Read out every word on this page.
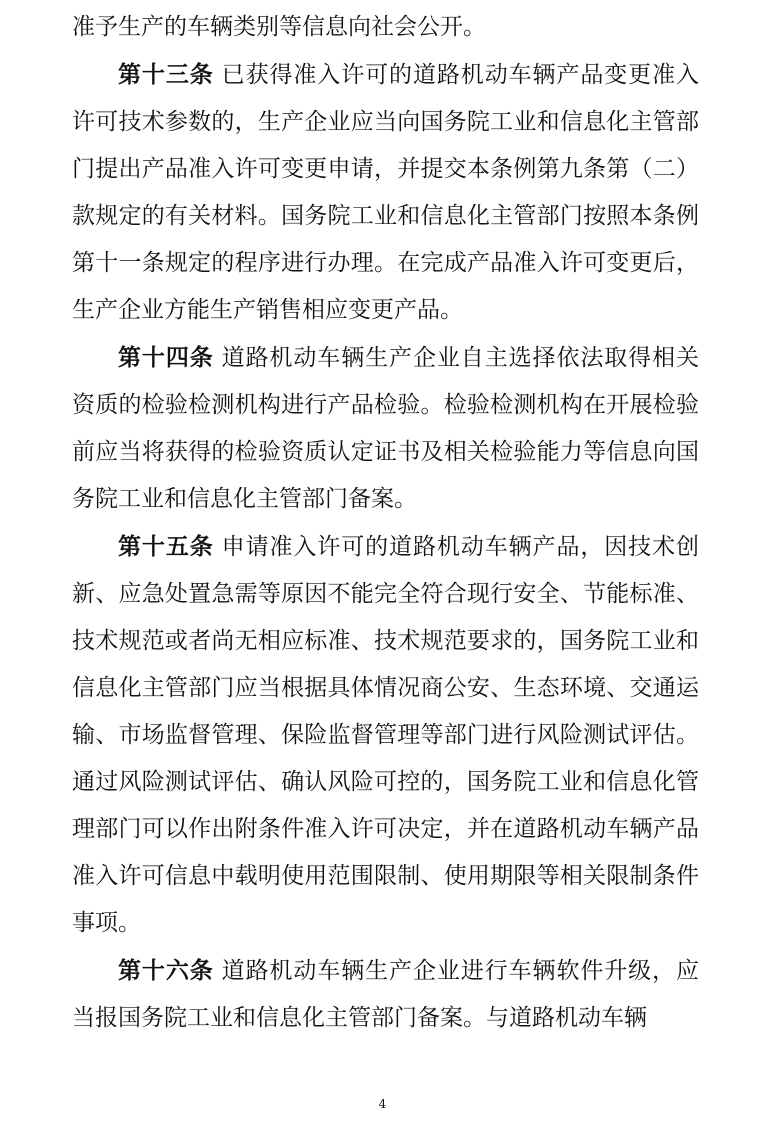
准予生产的车辆类别等信息向社会公开。

第十三条 已获得准入许可的道路机动车辆产品变更准入许可技术参数的，生产企业应当向国务院工业和信息化主管部门提出产品准入许可变更申请，并提交本条例第九条第（二）款规定的有关材料。国务院工业和信息化主管部门按照本条例第十一条规定的程序进行办理。在完成产品准入许可变更后，生产企业方能生产销售相应变更产品。

第十四条 道路机动车辆生产企业自主选择依法取得相关资质的检验检测机构进行产品检验。检验检测机构在开展检验前应当将获得的检验资质认定证书及相关检验能力等信息向国务院工业和信息化主管部门备案。

第十五条 申请准入许可的道路机动车辆产品，因技术创新、应急处置急需等原因不能完全符合现行安全、节能标准、技术规范或者尚无相应标准、技术规范要求的，国务院工业和信息化主管部门应当根据具体情况商公安、生态环境、交通运输、市场监督管理、保险监督管理等部门进行风险测试评估。通过风险测试评估、确认风险可控的，国务院工业和信息化管理部门可以作出附条件准入许可决定，并在道路机动车辆产品准入许可信息中载明使用范围限制、使用期限等相关限制条件事项。

第十六条 道路机动车辆生产企业进行车辆软件升级，应当报国务院工业和信息化主管部门备案。与道路机动车辆

4
